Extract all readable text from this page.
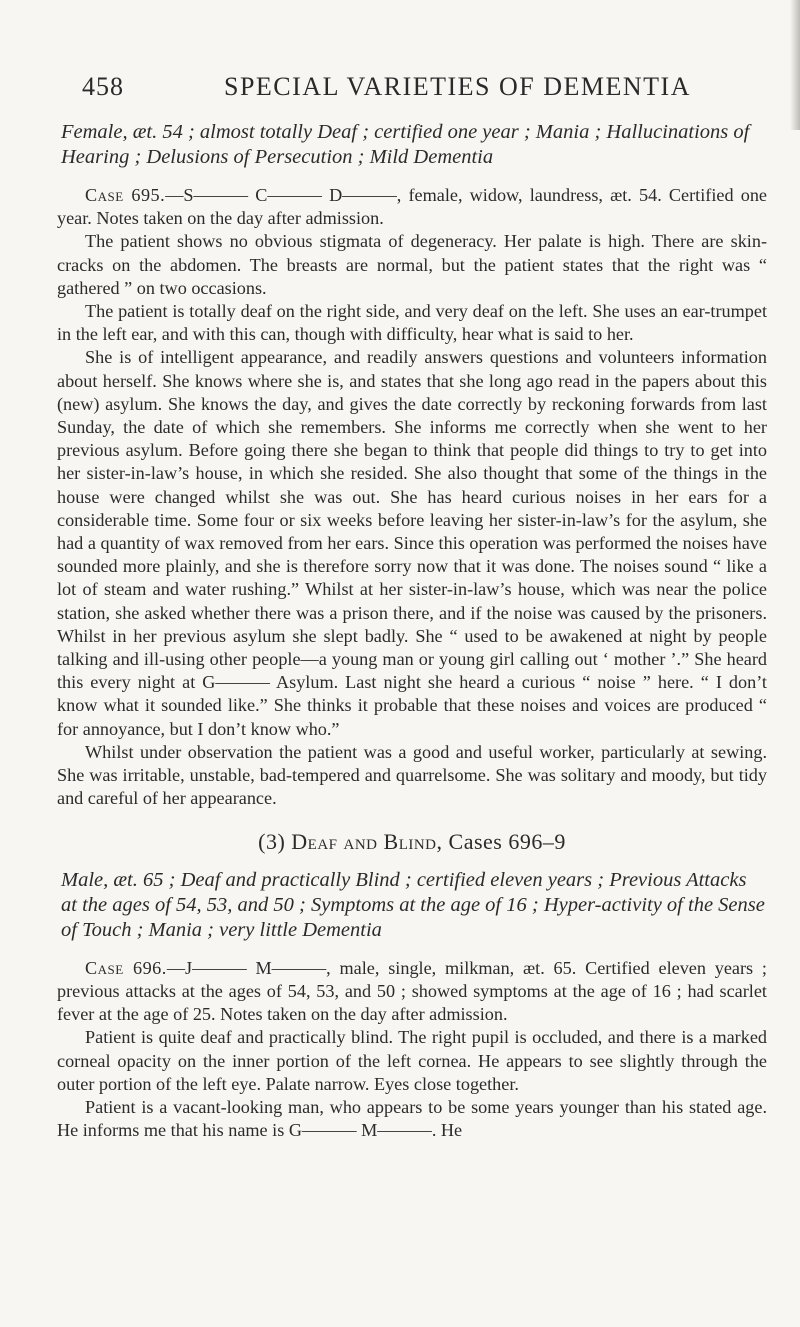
458	SPECIAL VARIETIES OF DEMENTIA
Female, æt. 54 ; almost totally Deaf ; certified one year ; Mania ; Hallucinations of Hearing ; Delusions of Persecution ; Mild Dementia

Case 695.—S——— C——— D———, female, widow, laundress, æt. 54. Certified one year. Notes taken on the day after admission.

The patient shows no obvious stigmata of degeneracy. Her palate is high. There are skin-cracks on the abdomen. The breasts are normal, but the patient states that the right was “ gathered ” on two occasions.

The patient is totally deaf on the right side, and very deaf on the left. She uses an ear-trumpet in the left ear, and with this can, though with difficulty, hear what is said to her.

She is of intelligent appearance, and readily answers questions and volunteers information about herself. She knows where she is, and states that she long ago read in the papers about this (new) asylum. She knows the day, and gives the date correctly by reckoning forwards from last Sunday, the date of which she remembers. She informs me correctly when she went to her previous asylum. Before going there she began to think that people did things to try to get into her sister-in-law’s house, in which she resided. She also thought that some of the things in the house were changed whilst she was out. She has heard curious noises in her ears for a considerable time. Some four or six weeks before leaving her sister-in-law’s for the asylum, she had a quantity of wax removed from her ears. Since this operation was performed the noises have sounded more plainly, and she is therefore sorry now that it was done. The noises sound “ like a lot of steam and water rushing.” Whilst at her sister-in-law’s house, which was near the police station, she asked whether there was a prison there, and if the noise was caused by the prisoners. Whilst in her previous asylum she slept badly. She “ used to be awakened at night by people talking and ill-using other people—a young man or young girl calling out ‘ mother ’.” She heard this every night at G——— Asylum. Last night she heard a curious “ noise ” here. “ I don’t know what it sounded like.” She thinks it probable that these noises and voices are produced “ for annoyance, but I don’t know who.”

Whilst under observation the patient was a good and useful worker, particularly at sewing. She was irritable, unstable, bad-tempered and quarrelsome. She was solitary and moody, but tidy and careful of her appearance.

(3) Deaf and Blind, Cases 696–9
Male, æt. 65 ; Deaf and practically Blind ; certified eleven years ; Previous Attacks at the ages of 54, 53, and 50 ; Symptoms at the age of 16 ; Hyper-activity of the Sense of Touch ; Mania ; very little Dementia

Case 696.—J——— M———, male, single, milkman, æt. 65. Certified eleven years ; previous attacks at the ages of 54, 53, and 50 ; showed symptoms at the age of 16 ; had scarlet fever at the age of 25. Notes taken on the day after admission.

Patient is quite deaf and practically blind. The right pupil is occluded, and there is a marked corneal opacity on the inner portion of the left cornea. He appears to see slightly through the outer portion of the left eye. Palate narrow. Eyes close together.

Patient is a vacant-looking man, who appears to be some years younger than his stated age. He informs me that his name is G——— M———. He
